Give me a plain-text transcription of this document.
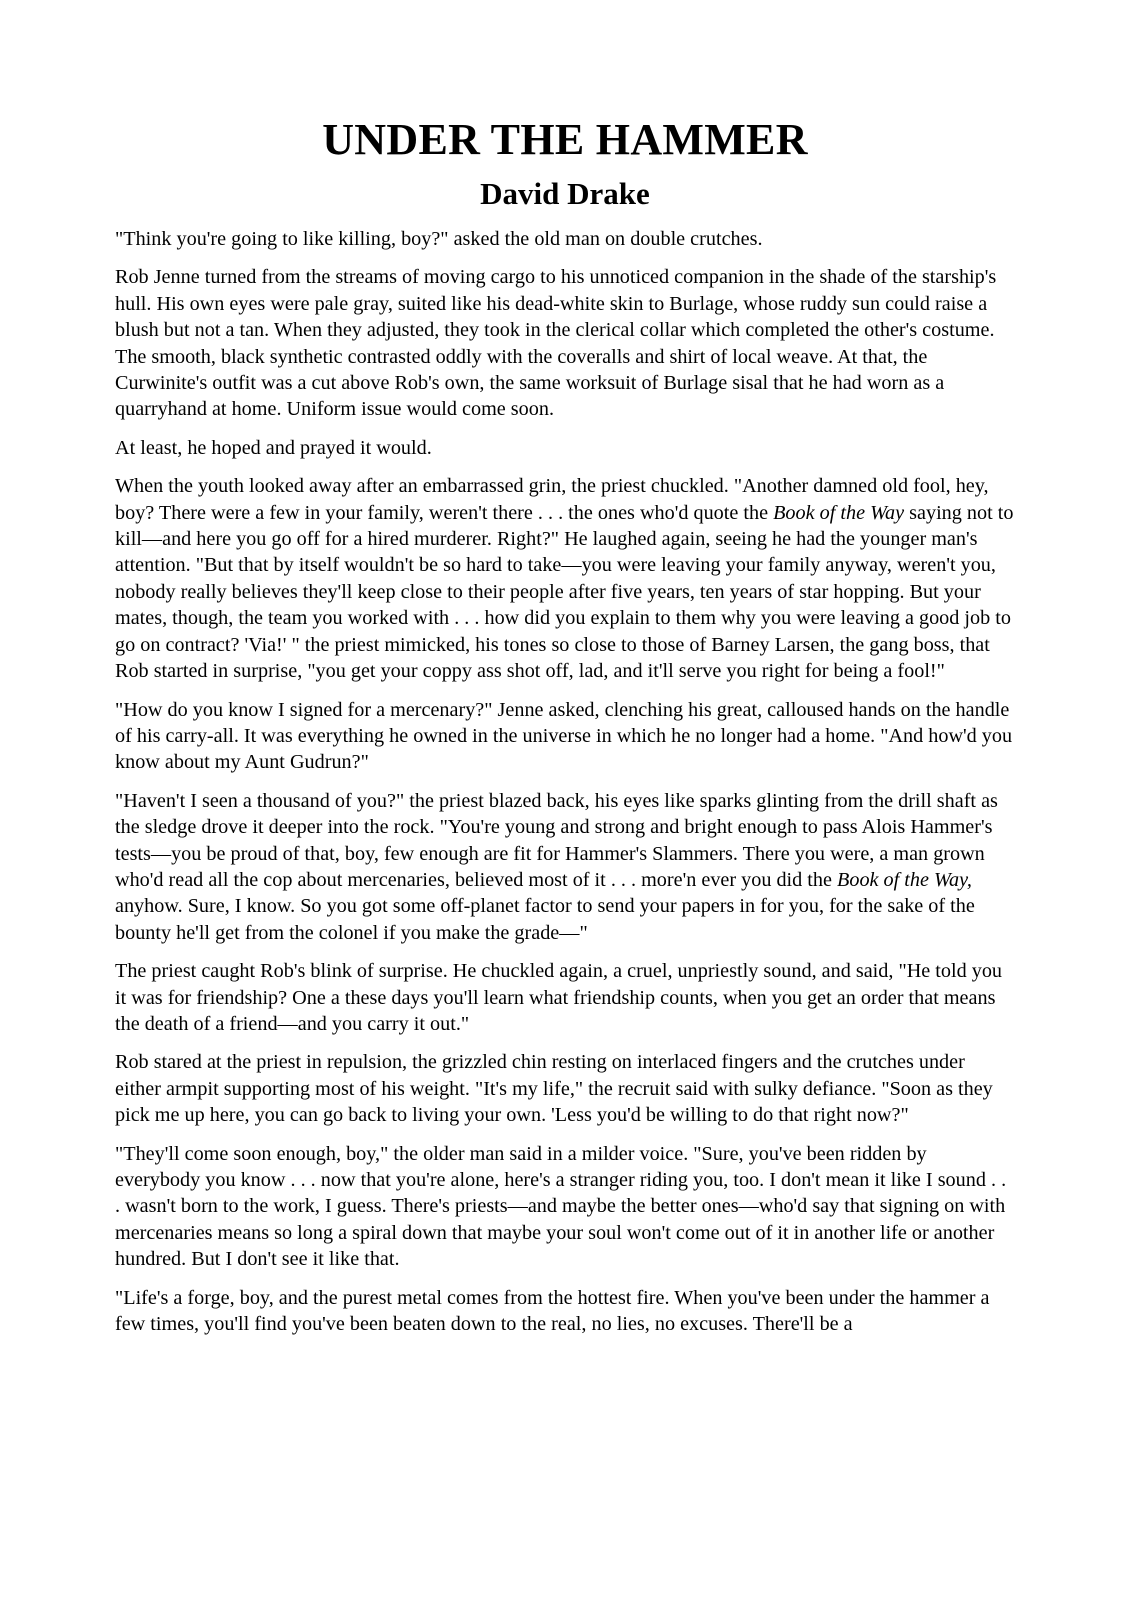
UNDER THE HAMMER
David Drake

"Think you're going to like killing, boy?" asked the old man on double crutches.

Rob Jenne turned from the streams of moving cargo to his unnoticed companion in the shade of the starship's hull. His own eyes were pale gray, suited like his dead-white skin to Burlage, whose ruddy sun could raise a blush but not a tan. When they adjusted, they took in the clerical collar which completed the other's costume. The smooth, black synthetic contrasted oddly with the coveralls and shirt of local weave. At that, the Curwinite's outfit was a cut above Rob's own, the same worksuit of Burlage sisal that he had worn as a quarryhand at home. Uniform issue would come soon.

At least, he hoped and prayed it would.

When the youth looked away after an embarrassed grin, the priest chuckled. "Another damned old fool, hey, boy? There were a few in your family, weren't there . . . the ones who'd quote the Book of the Way saying not to kill—and here you go off for a hired murderer. Right?" He laughed again, seeing he had the younger man's attention. "But that by itself wouldn't be so hard to take—you were leaving your family anyway, weren't you, nobody really believes they'll keep close to their people after five years, ten years of star hopping. But your mates, though, the team you worked with . . . how did you explain to them why you were leaving a good job to go on contract? 'Via!' " the priest mimicked, his tones so close to those of Barney Larsen, the gang boss, that Rob started in surprise, "you get your coppy ass shot off, lad, and it'll serve you right for being a fool!"

"How do you know I signed for a mercenary?" Jenne asked, clenching his great, calloused hands on the handle of his carry-all. It was everything he owned in the universe in which he no longer had a home. "And how'd you know about my Aunt Gudrun?"

"Haven't I seen a thousand of you?" the priest blazed back, his eyes like sparks glinting from the drill shaft as the sledge drove it deeper into the rock. "You're young and strong and bright enough to pass Alois Hammer's tests—you be proud of that, boy, few enough are fit for Hammer's Slammers. There you were, a man grown who'd read all the cop about mercenaries, believed most of it . . . more'n ever you did the Book of the Way, anyhow. Sure, I know. So you got some off-planet factor to send your papers in for you, for the sake of the bounty he'll get from the colonel if you make the grade—"

The priest caught Rob's blink of surprise. He chuckled again, a cruel, unpriestly sound, and said, "He told you it was for friendship? One a these days you'll learn what friendship counts, when you get an order that means the death of a friend—and you carry it out."

Rob stared at the priest in repulsion, the grizzled chin resting on interlaced fingers and the crutches under either armpit supporting most of his weight. "It's my life," the recruit said with sulky defiance. "Soon as they pick me up here, you can go back to living your own. 'Less you'd be willing to do that right now?"

"They'll come soon enough, boy," the older man said in a milder voice. "Sure, you've been ridden by everybody you know . . . now that you're alone, here's a stranger riding you, too. I don't mean it like I sound . . . wasn't born to the work, I guess. There's priests—and maybe the better ones—who'd say that signing on with mercenaries means so long a spiral down that maybe your soul won't come out of it in another life or another hundred. But I don't see it like that.

"Life's a forge, boy, and the purest metal comes from the hottest fire. When you've been under the hammer a few times, you'll find you've been beaten down to the real, no lies, no excuses. There'll be a
